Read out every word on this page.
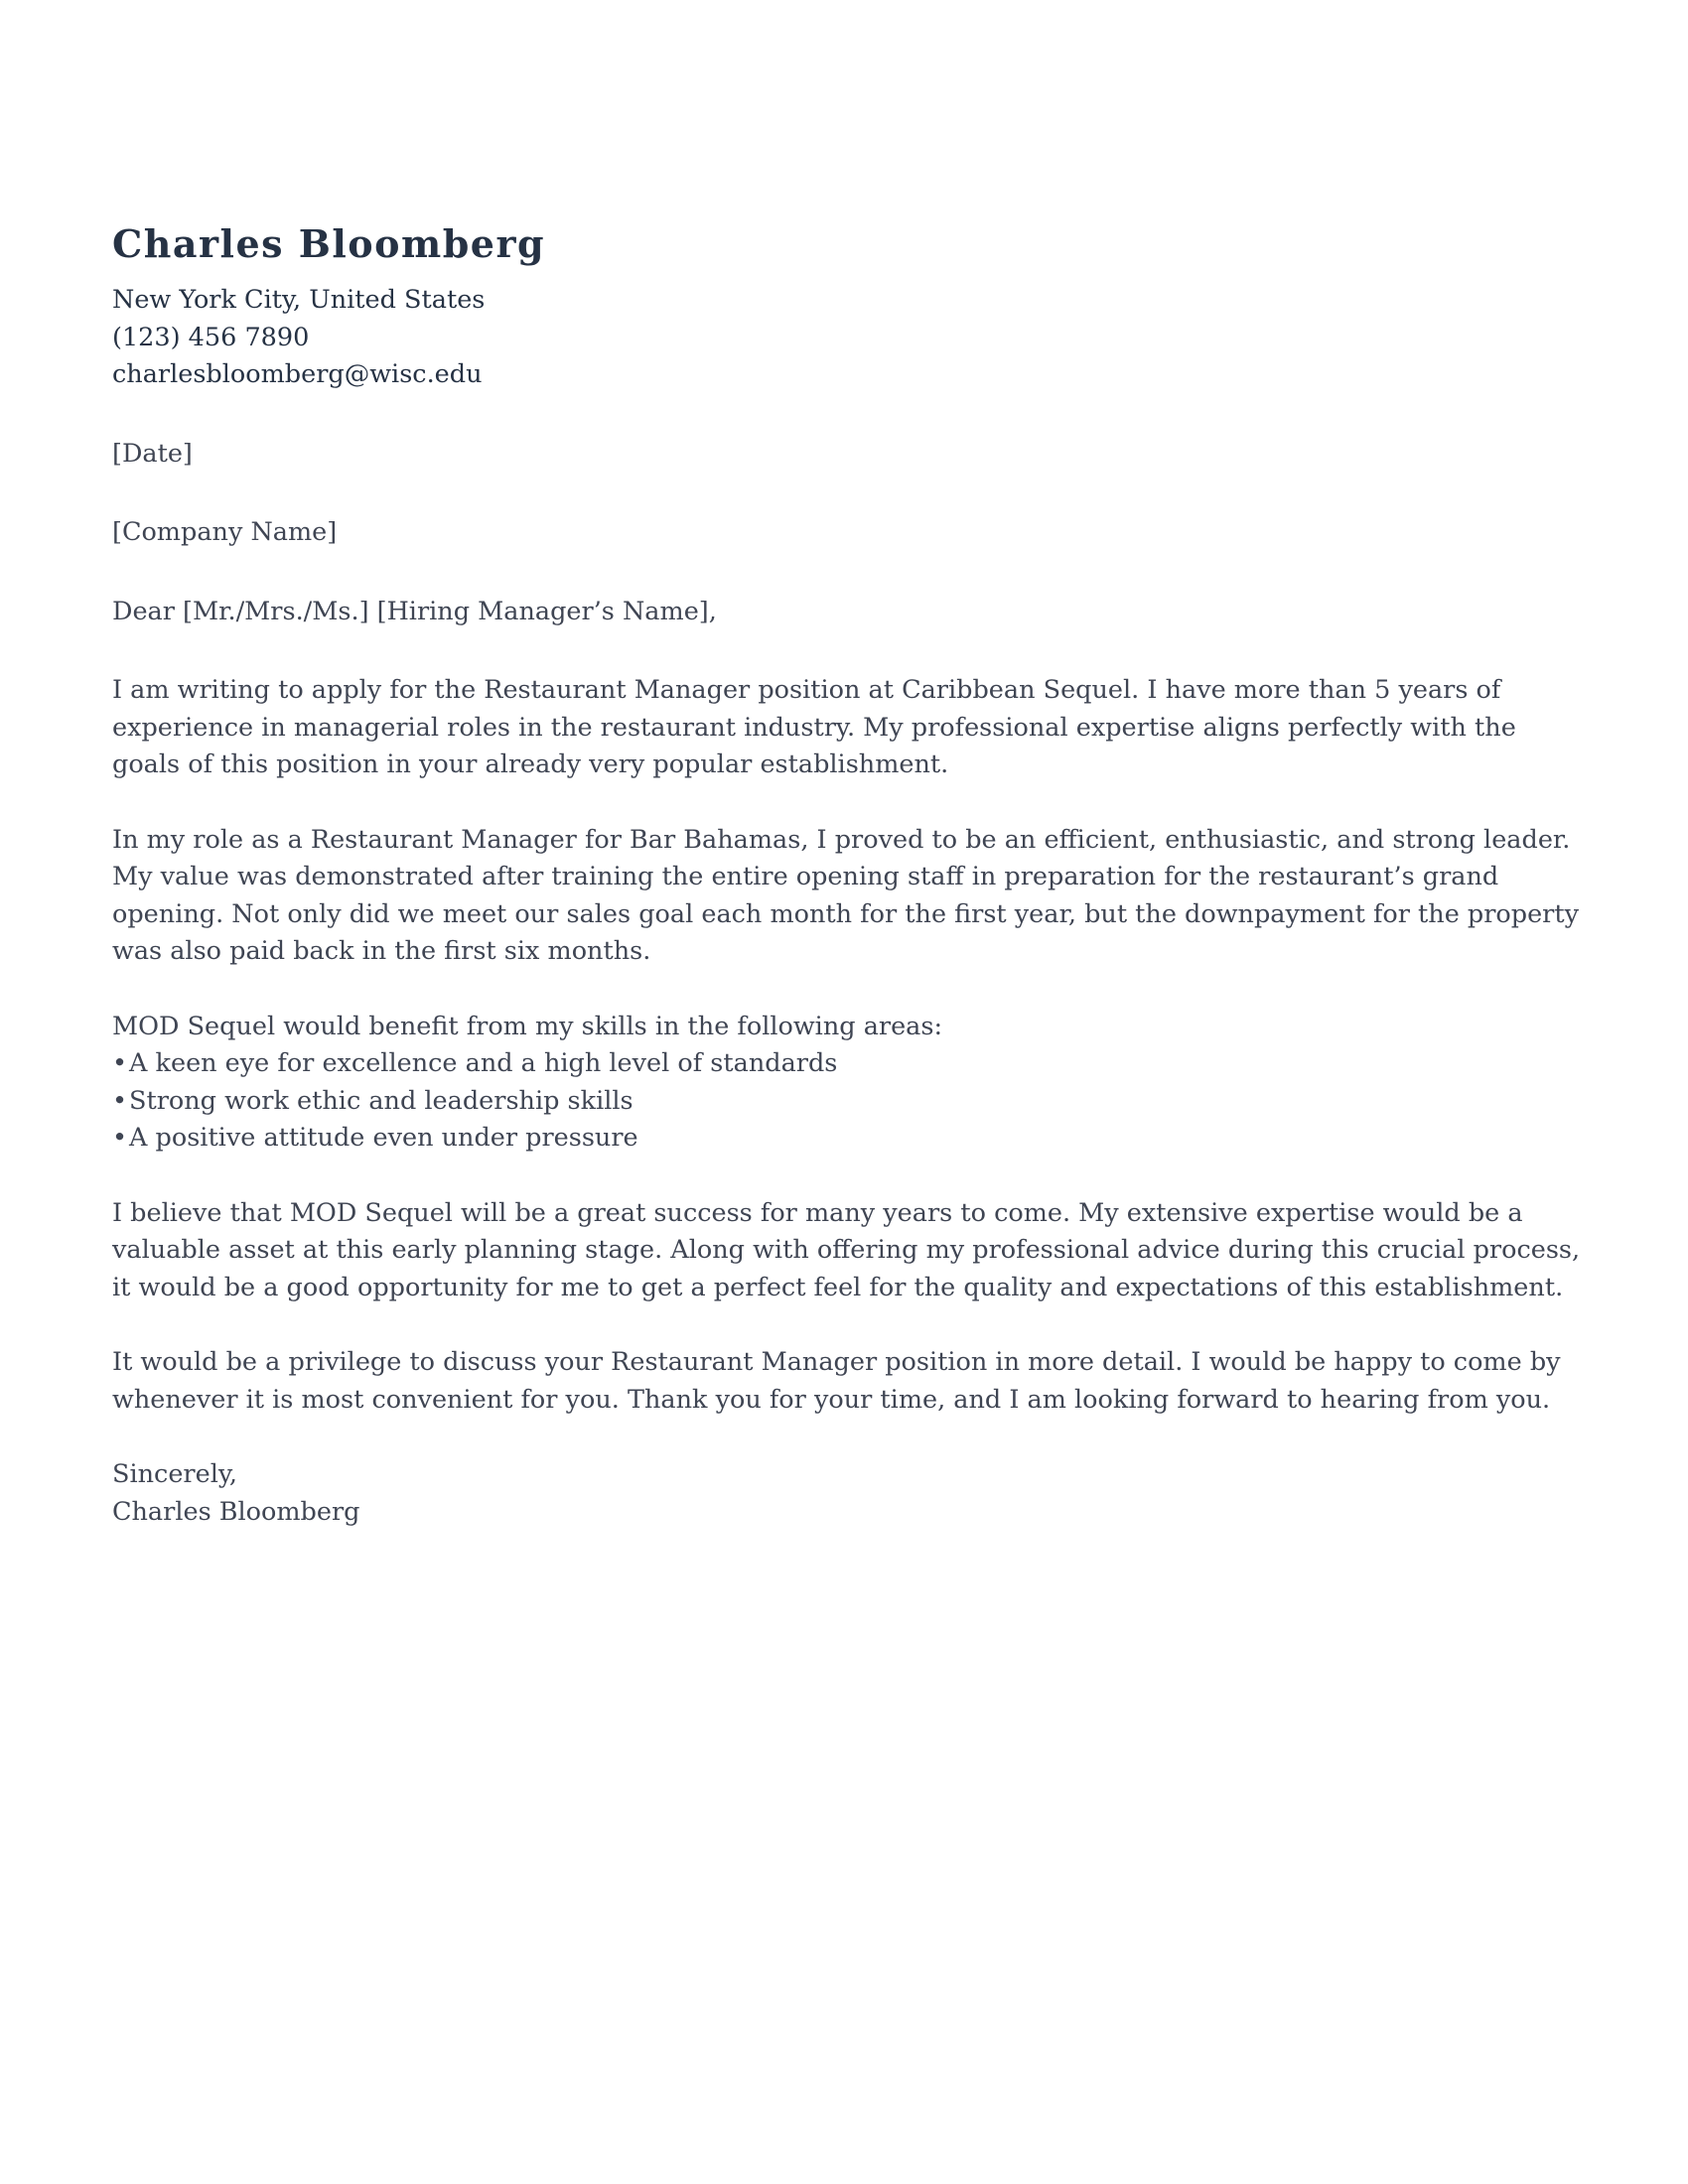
Charles Bloomberg
New York City, United States
(123) 456 7890
charlesbloomberg@wisc.edu
[Date]
[Company Name]
Dear [Mr./Mrs./Ms.] [Hiring Manager’s Name],

I am writing to apply for the Restaurant Manager position at Caribbean Sequel. I have more than 5 years of experience in managerial roles in the restaurant industry. My professional expertise aligns perfectly with the goals of this position in your already very popular establishment.

In my role as a Restaurant Manager for Bar Bahamas, I proved to be an efficient, enthusiastic, and strong leader. My value was demonstrated after training the entire opening staff in preparation for the restaurant’s grand opening. Not only did we meet our sales goal each month for the first year, but the downpayment for the property was also paid back in the first six months.

MOD Sequel would benefit from my skills in the following areas:
•A keen eye for excellence and a high level of standards
•Strong work ethic and leadership skills
•A positive attitude even under pressure

I believe that MOD Sequel will be a great success for many years to come. My extensive expertise would be a valuable asset at this early planning stage. Along with offering my professional advice during this crucial process, it would be a good opportunity for me to get a perfect feel for the quality and expectations of this establishment.

It would be a privilege to discuss your Restaurant Manager position in more detail. I would be happy to come by whenever it is most convenient for you. Thank you for your time, and I am looking forward to hearing from you.

Sincerely,
Charles Bloomberg
